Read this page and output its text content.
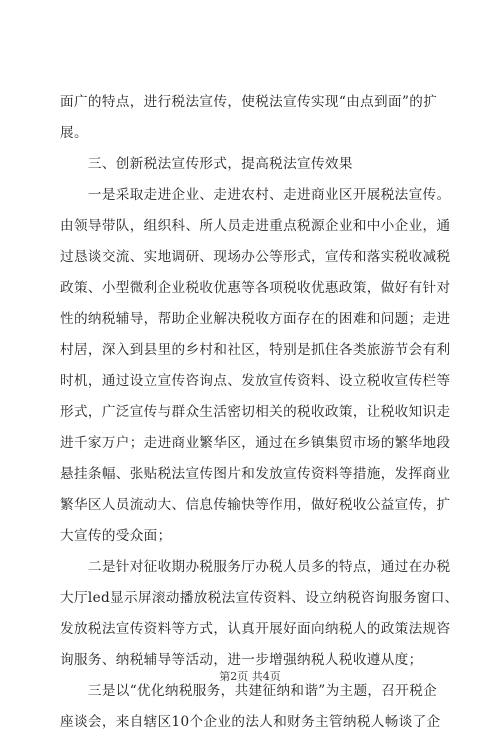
面广的特点，进行税法宣传，使税法宣传实现“由点到面”的扩

展。

　　三、创新税法宣传形式，提高税法宣传效果

　　一是采取走进企业、走进农村、走进商业区开展税法宣传。

由领导带队，组织科、所人员走进重点税源企业和中小企业，通

过恳谈交流、实地调研、现场办公等形式，宣传和落实税收减税

政策、小型微利企业税收优惠等各项税收优惠政策，做好有针对

性的纳税辅导，帮助企业解决税收方面存在的困难和问题；走进

村居，深入到县里的乡村和社区，特别是抓住各类旅游节会有利

时机，通过设立宣传咨询点、发放宣传资料、设立税收宣传栏等

形式，广泛宣传与群众生活密切相关的税收政策，让税收知识走

进千家万户；走进商业繁华区，通过在乡镇集贸市场的繁华地段

悬挂条幅、张贴税法宣传图片和发放宣传资料等措施，发挥商业

繁华区人员流动大、信息传输快等作用，做好税收公益宣传，扩

大宣传的受众面；

　　二是针对征收期办税服务厅办税人员多的特点，通过在办税

大厅led显示屏滚动播放税法宣传资料、设立纳税咨询服务窗口、

发放税法宣传资料等方式，认真开展好面向纳税人的政策法规咨

询服务、纳税辅导等活动，进一步增强纳税人税收遵从度；

　　三是以“优化纳税服务，共建征纳和谐”为主题，召开税企

座谈会，来自辖区10个企业的法人和财务主管纳税人畅谈了企

第2页 共4页
